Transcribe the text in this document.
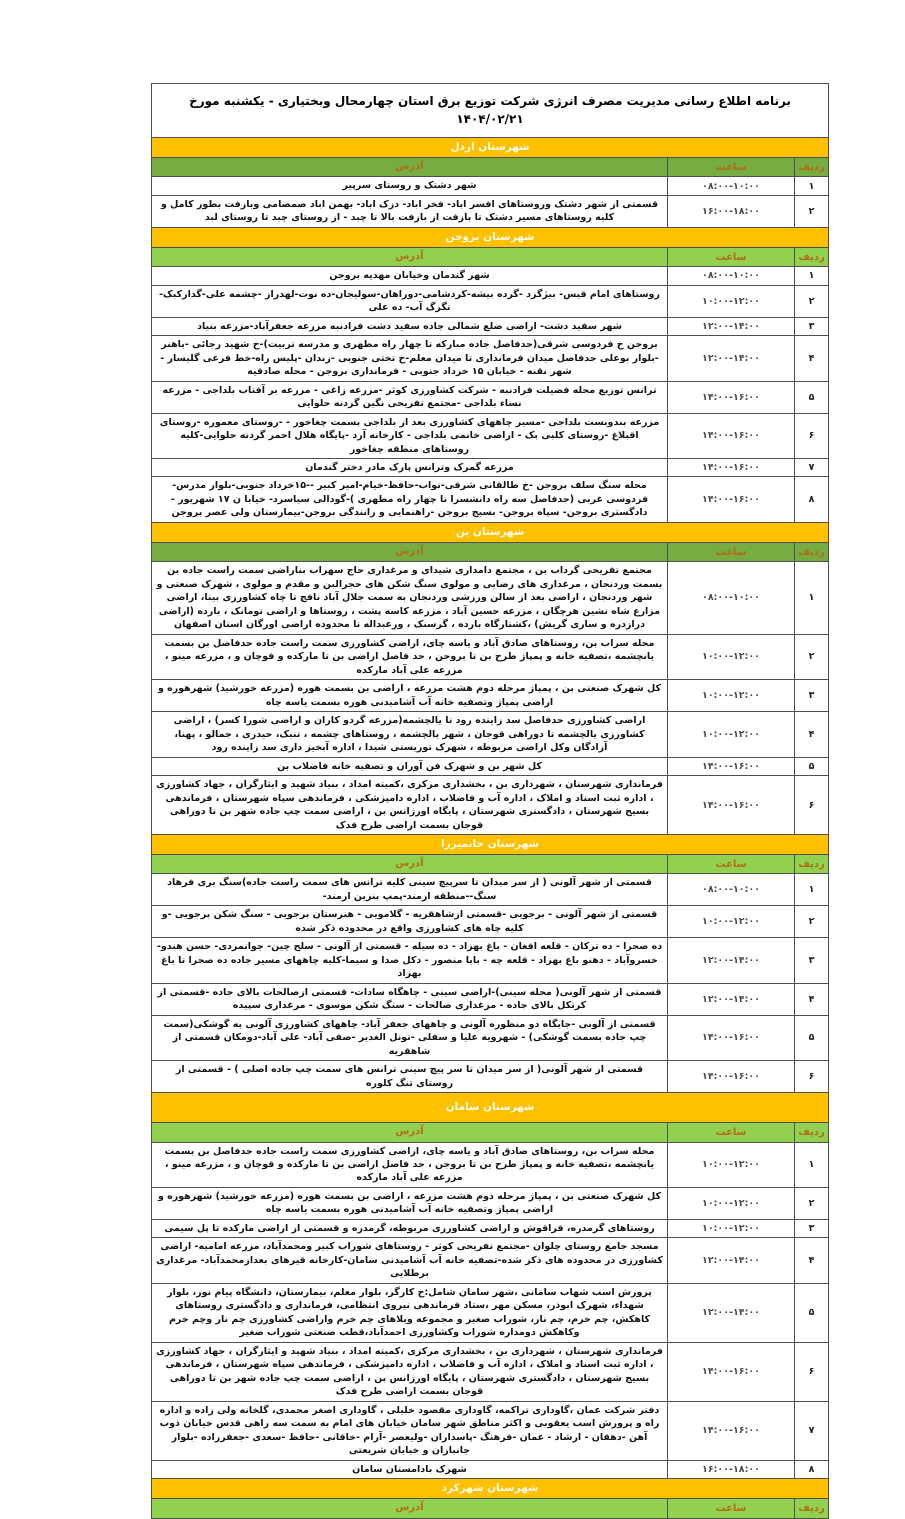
برنامه اطلاع رسانی مدیریت مصرف انرژی شرکت توزیع برق استان چهارمحال وبختیاری - یکشنبه مورخ ۱۴۰۴/۰۲/۲۱
شهرستان اردل
ردیف
ساعت
آدرس
۱
۰۸:۰۰-۱۰:۰۰
شهر دشتک و روستای سرپیر
۲
۱۶:۰۰-۱۸:۰۰
قسمتی از شهر دشتک وروستاهای افسر اباد- فخر اباد- دزک اباد- بهمن اباد صمصامی وبازفت بطور کامل و کلیه روستاهای مسیر دشتک تا بازفت از بازفت بالا تا چبد - از روستای چبد تا روستای لبد
شهرستان بروجن
ردیف
ساعت
آدرس
۱
۰۸:۰۰-۱۰:۰۰
شهر گندمان وخیابان مهدیه بروجن
۲
۱۰:۰۰-۱۲:۰۰
روستاهای امام قیس- بیژگرد -گرده بیشه-کردشامی-دوراهان-سولیجان-ده نوت-لهدراز -چشمه علی-گدارکبک-تگرگ آب- ده علی
۳
۱۲:۰۰-۱۴:۰۰
شهر سفید دشت- اراضی ضلع شمالی جاده سفید دشت فرادنبه مزرعه جعفرآباد-مزرعه بنیاد
۴
۱۲:۰۰-۱۴:۰۰
بروجن خ فردوسی شرقی(حدفاصل جاده مبارکه تا چهار راه مطهری و مدرسه تربیت)-خ شهید رجائی -باهنر -بلوار بوعلی حدفاصل میدان فرمانداری تا میدان معلم-خ تختی جنوبی -زندان -پلیس راه-خط فرعی گلیسار - شهر نقنه - خیابان ۱۵ خرداد جنوبی - فرمانداری بروجن - محله صادقیه
۵
۱۴:۰۰-۱۶:۰۰
ترانس توزیع محله فضیلت فرادنبه - شرکت کشاورزی کوثر -مزرعه زاغی - مزرعه بر آفتاب بلداجی - مزرعه نساء بلداجی -مجتمع تفریحی نگین گردنه حلوایی
۶
۱۴:۰۰-۱۶:۰۰
مزرعه بندوبست بلداجی -مسیر چاههای کشاورزی بعد از بلداجی بسمت چغاخور - -روستای معموره -روستای اقبلاغ -روستای کلبی بک - اراضی خانمی بلداجی - کارخانه آرد -پایگاه هلال احمر گردنه حلوایی-کلیه روستاهای منطقه چغاخور
۷
۱۴:۰۰-۱۶:۰۰
مزرعه گمرک وترانس پارک مادر دختر گندمان
۸
۱۴:۰۰-۱۶:۰۰
محله سنگ سلف بروجن -خ طالقانی شرقی-نواب-حافظ-خیام-امیر کبیر --۱۵خرداد جنوبی-بلوار مدرس-فردوسی غربی (حدفاصل سه راه دانشسرا تا چهار راه مطهری )-گودالی سیاسرد- خیابا ن ۱۷ شهریور - دادگستری بروجن- سپاه بروجن- بسیج بروجن -راهنمایی و رانندگی بروجن-بیمارستان ولی عصر بروجن
شهرستان بن
ردیف
ساعت
آدرس
۱
۰۸:۰۰-۱۰:۰۰
مجتمع تفریحی گرداب بن ، مجتمع دامداری شیدای و مرغداری حاج سهراب بناراضی سمت راست جاده بن بسمت وردنجان ، مرغداری های رضایی و مولوی سنگ شکن های حجرالبن و مقدم و مولوی ، شهرک صنعتی و شهر وردنجان ، اراضی بعد از سالن ورزشی وردنجان به سمت جلال آباد نافچ تا چاه کشاورزی بینا، اراضی مزارع شاه نشین هرچگان ، مزرعه حسین آباد ، مزرعه کاسه پشت ، روستاها و اراضی تومانک ، بارده (اراضی درازدره و ساری گریش) ،کشتارگاه بارده ، گرسنک ، ورعبداله تا محدوده اراضی اورگان استان اصفهان
۲
۱۰:۰۰-۱۲:۰۰
محله سراب بن، روستاهای صادق آباد و یاسه چای، اراضی کشاورزی سمت راست جاده حدفاصل بن بسمت یانچشمه ،تصفیه خانه و پمپاژ طرح بن تا بروجن ، حد فاصل اراضی بن تا مارکده و قوچان و ، مزرعه مینو ، مزرعه علی آباد مارکده
۳
۱۰:۰۰-۱۲:۰۰
کل شهرک صنعتی بن ، پمپاژ مرحله دوم هشت مزرعه ، اراضی بن بسمت هوره (مزرعه خورشید) شهرهوره و اراضی پمپاژ وتصفیه خانه آب آشامیدنی هوره بسمت یاسه چاه
۴
۱۰:۰۰-۱۲:۰۰
اراضی کشاورزی حدفاصل سد زاینده رود تا یالچشمه(مزرعه گردو کاران و اراضی شورا کسر) ، اراضی کشاورزی یالچشمه تا دوراهی قوجان ، شهر یالچشمه ، روستاهای چشمه ، تنبک، حیدری ، جمالو ، پهنا، آزادگان وکل اراضی مربوطه ، شهرک توریستی شیدا ، اداره آبخیز داری سد زاینده رود
۵
۱۴:۰۰-۱۶:۰۰
کل شهر بن و شهرک فن آوران و تصفیه خانه فاضلاب بن
۶
۱۴:۰۰-۱۶:۰۰
فرمانداری شهرستان ، شهرداری بن ، بخشداری مرکزی ،کمیته امداد ، بنیاد شهید و ایثارگران ، جهاد کشاورزی ، اداره ثبت اسناد و املاک ، اداره آب و فاضلاب ، اداره دامپزشکی ، فرماندهی سپاه شهرستان ، فرماندهی بسیج شهرستان ، دادگستری شهرستان ، پایگاه اورژانس بن ، اراضی سمت چپ جاده شهر بن تا دوراهی قوجان بسمت اراضی طرح فدک
شهرستان خانمیرزا
ردیف
ساعت
آدرس
۱
۰۸:۰۰-۱۰:۰۰
قسمتی از شهر آلونی ( از سر میدان تا سرپیچ سینی کلیه ترانس های سمت راست جاده)سنگ بری فرهاد سنگ--منطقه ارمند-پمپ بنزین ارمند-
۲
۱۰:۰۰-۱۲:۰۰
قسمتی از شهر آلونی - برجویی -قسمتی ازشاهقریه - گلامویی - هنرستان برجویی - سنگ شکن برجویی -و کلیه چاه های کشاورزی واقع در محدوده ذکر شده
۳
۱۲:۰۰-۱۴:۰۰
ده صحرا - ده ترکان - قلعه افغان - باغ بهزاد - ده سیله - قسمتی از آلونی - سلح چین- جوانمردی- حسن هندو- خسروآباد - دهنو باغ بهزاد - قلعه چه - بابا منصور - دکل صدا و سیما-کلیه چاههای مسیر جاده ده صحرا تا باغ بهزاد
۴
۱۲:۰۰-۱۴:۰۰
قسمتی از شهر آلونی( محله سینی)-اراضی سینی - چاهگاه سادات- قسمتی ازصالحات بالای جاده -قسمتی از کرتکل بالای جاده - مرغداری صالحات - سنگ شکن موسوی - مرغداری سپیده
۵
۱۴:۰۰-۱۶:۰۰
قسمتی از آلونی -جایگاه دو منظوره آلونی و چاههای جعفر آباد- چاههای کشاورزی آلونی به گوشکی(سمت چپ جاده بسمت گوشکی) - شهرویه علیا و سفلی -تونل الغدیر -صفی آباد- علی آباد-دومکان قسمتی از شاهقریه
۶
۱۴:۰۰-۱۶:۰۰
قسمتی از شهر آلونی( از سر میدان تا سر پیچ سینی ترانس های سمت چپ جاده اصلی ) - قسمتی از روستای تنگ کلوره
شهرستان سامان
ردیف
ساعت
آدرس
۱
۱۰:۰۰-۱۲:۰۰
محله سراب بن، روستاهای صادق آباد و یاسه چای، اراضی کشاورزی سمت راست جاده حدفاصل بن بسمت یانچشمه ،تصفیه خانه و پمپاژ طرح بن تا بروجن ، حد فاصل اراضی بن تا مارکده و قوچان و ، مزرعه مینو ، مزرعه علی آباد مارکده
۲
۱۰:۰۰-۱۲:۰۰
کل شهرک صنعتی بن ، پمپاژ مرحله دوم هشت مزرعه ، اراضی بن بسمت هوره (مزرعه خورشید) شهرهوره و اراضی پمپاژ وتصفیه خانه آب آشامیدنی هوره بسمت یاسه چاه
۳
۱۰:۰۰-۱۲:۰۰
روستاهای گرمدره، قراقوش و اراضی کشاورزی مربوطه، گرمدره و قسمتی از اراضی مارکده تا پل سیمی
۴
۱۲:۰۰-۱۴:۰۰
مسجد جامع روستای چلوان -مجتمع تفریحی کوثر - روستاهای شوراب کبیر ومحمدآباد، مزرعه امامیه- اراضی کشاورزی در محدوده های ذکر شده-تصفیه خانه آب آشامیدنی سامان-کارخانه قیرهای بعدازمحمدآباد- مرغداری برطلایی
۵
۱۲:۰۰-۱۴:۰۰
پرورش اسب شهاب سامانی ،شهر سامان شامل:خ کارگر، بلوار معلم، بیمارستان، دانشگاه پیام نور، بلوار شهداء، شهرک ابوذر، مسکن مهر ،ستاد فرماندهی نیروی انتظامی، فرمانداری و دادگستری روستاهای کاهکش، چم خرم، چم نار، شوراب صغیر و مجموعه ویلاهای چم خرم واراضی کشاورزی چم نار وچم خرم وکاهکش دومداره شوراب وکشاورزی احمدآباد،قطب صنعتی شوراب صغیر
۶
۱۴:۰۰-۱۶:۰۰
فرمانداری شهرستان ، شهرداری بن ، بخشداری مرکزی ،کمیته امداد ، بنیاد شهید و ایثارگران ، جهاد کشاورزی ، اداره ثبت اسناد و املاک ، اداره آب و فاضلاب ، اداره دامپزشکی ، فرماندهی سپاه شهرستان ، فرماندهی بسیج شهرستان ، دادگستری شهرستان ، پایگاه اورژانس بن ، اراضی سمت چپ جاده شهر بن تا دوراهی قوجان بسمت اراضی طرح فدک
۷
۱۴:۰۰-۱۶:۰۰
دفتر شرکت عمان ،گاوداری تراکمه، گاوداری مقصود خلیلی ، گاوداری اصغر محمدی، گلخانه ولی زاده و اداره راه و پرورش اسب یعقوبی و اکثر مناطق شهر سامان خیابان های امام به سمت سه راهی قدس خیابان ذوب آهن -دهقان - ارشاد - عمان -فرهنگ -پاسداران -ولیعصر -آرام -خاقانی -حافظ -سعدی -جعفرزاده -بلوار جانبازان و خیابان شریعتی
۸
۱۶:۰۰-۱۸:۰۰
شهرک بادامستان سامان
شهرستان شهرکرد
ردیف
ساعت
آدرس
